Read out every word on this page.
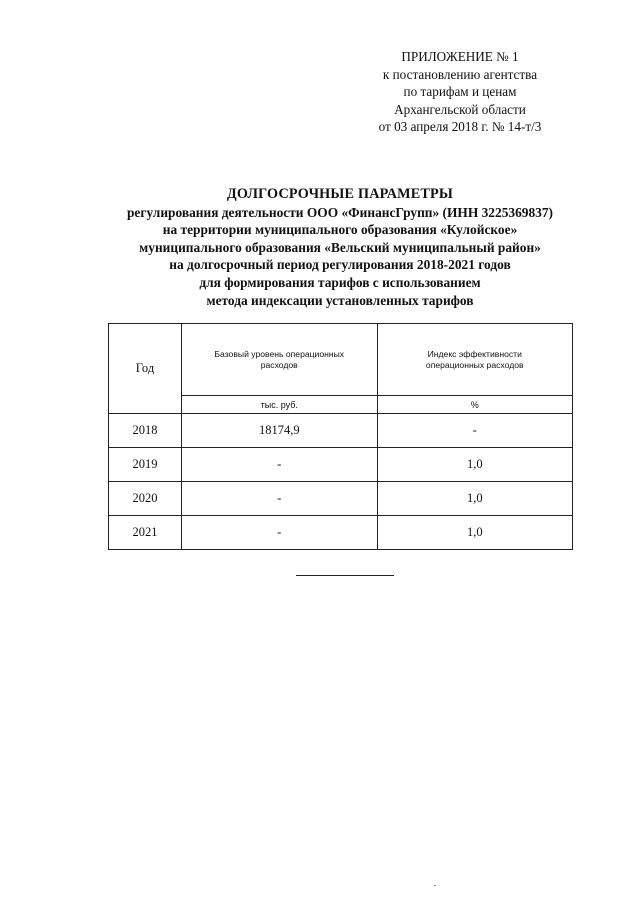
ПРИЛОЖЕНИЕ № 1
к постановлению агентства
по тарифам и ценам
Архангельской области
от 03 апреля 2018 г. № 14-т/3
ДОЛГОСРОЧНЫЕ ПАРАМЕТРЫ
регулирования деятельности ООО «ФинансГрупп» (ИНН 3225369837)
на территории муниципального образования «Кулойское»
муниципального образования «Вельский муниципальный район»
на долгосрочный период регулирования 2018-2021 годов
для формирования тарифов с использованием
метода индексации установленных тарифов
Год	Базовый уровень операционных расходов	Индекс эффективности операционных расходов

	тыс. руб.	%
2018	18174,9	-
2019	-	1,0
2020	-	1,0
2021	-	1,0
